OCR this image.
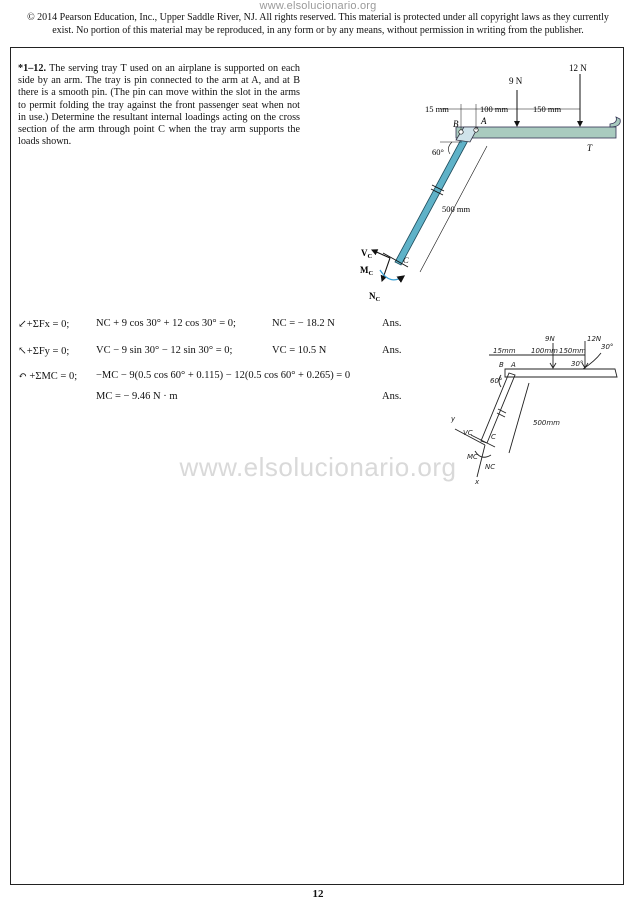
www.elsolucionario.org
© 2014 Pearson Education, Inc., Upper Saddle River, NJ. All rights reserved. This material is protected under all copyright laws as they currently exist. No portion of this material may be reproduced, in any form or by any means, without permission in writing from the publisher.
*1–12. The serving tray T used on an airplane is supported on each side by an arm. The tray is pin connected to the arm at A, and at B there is a smooth pin. (The pin can move within the slot in the arms to permit folding the tray against the front passenger seat when not in use.) Determine the resultant internal loadings acting on the cross section of the arm through point C when the tray arm supports the loads shown.
9 N
12 N
15 mm	100 mm	150 mm
B	A
T
60°
500 mm
C
$V_C$
$N_C$
$M_C$
↙+ΣFx = 0;	NC + 9 cos 30° + 12 cos 30° = 0;	NC = − 18.2 N	Ans.
↖+ΣFy = 0;	VC − 9 sin 30° − 12 sin 30° = 0;	VC = 10.5 N	Ans.
↶ +ΣMC = 0; −MC − 9(0.5 cos 60° + 0.115) − 12(0.5 cos 60° + 0.265) = 0
MC = − 9.46 N · m	Ans.
9N	12N
15mm 100mm 150mm 30°
30°
60°
A
B
500mm
C
VC
MC
NC
y
x
www.elsolucionario.org
12
